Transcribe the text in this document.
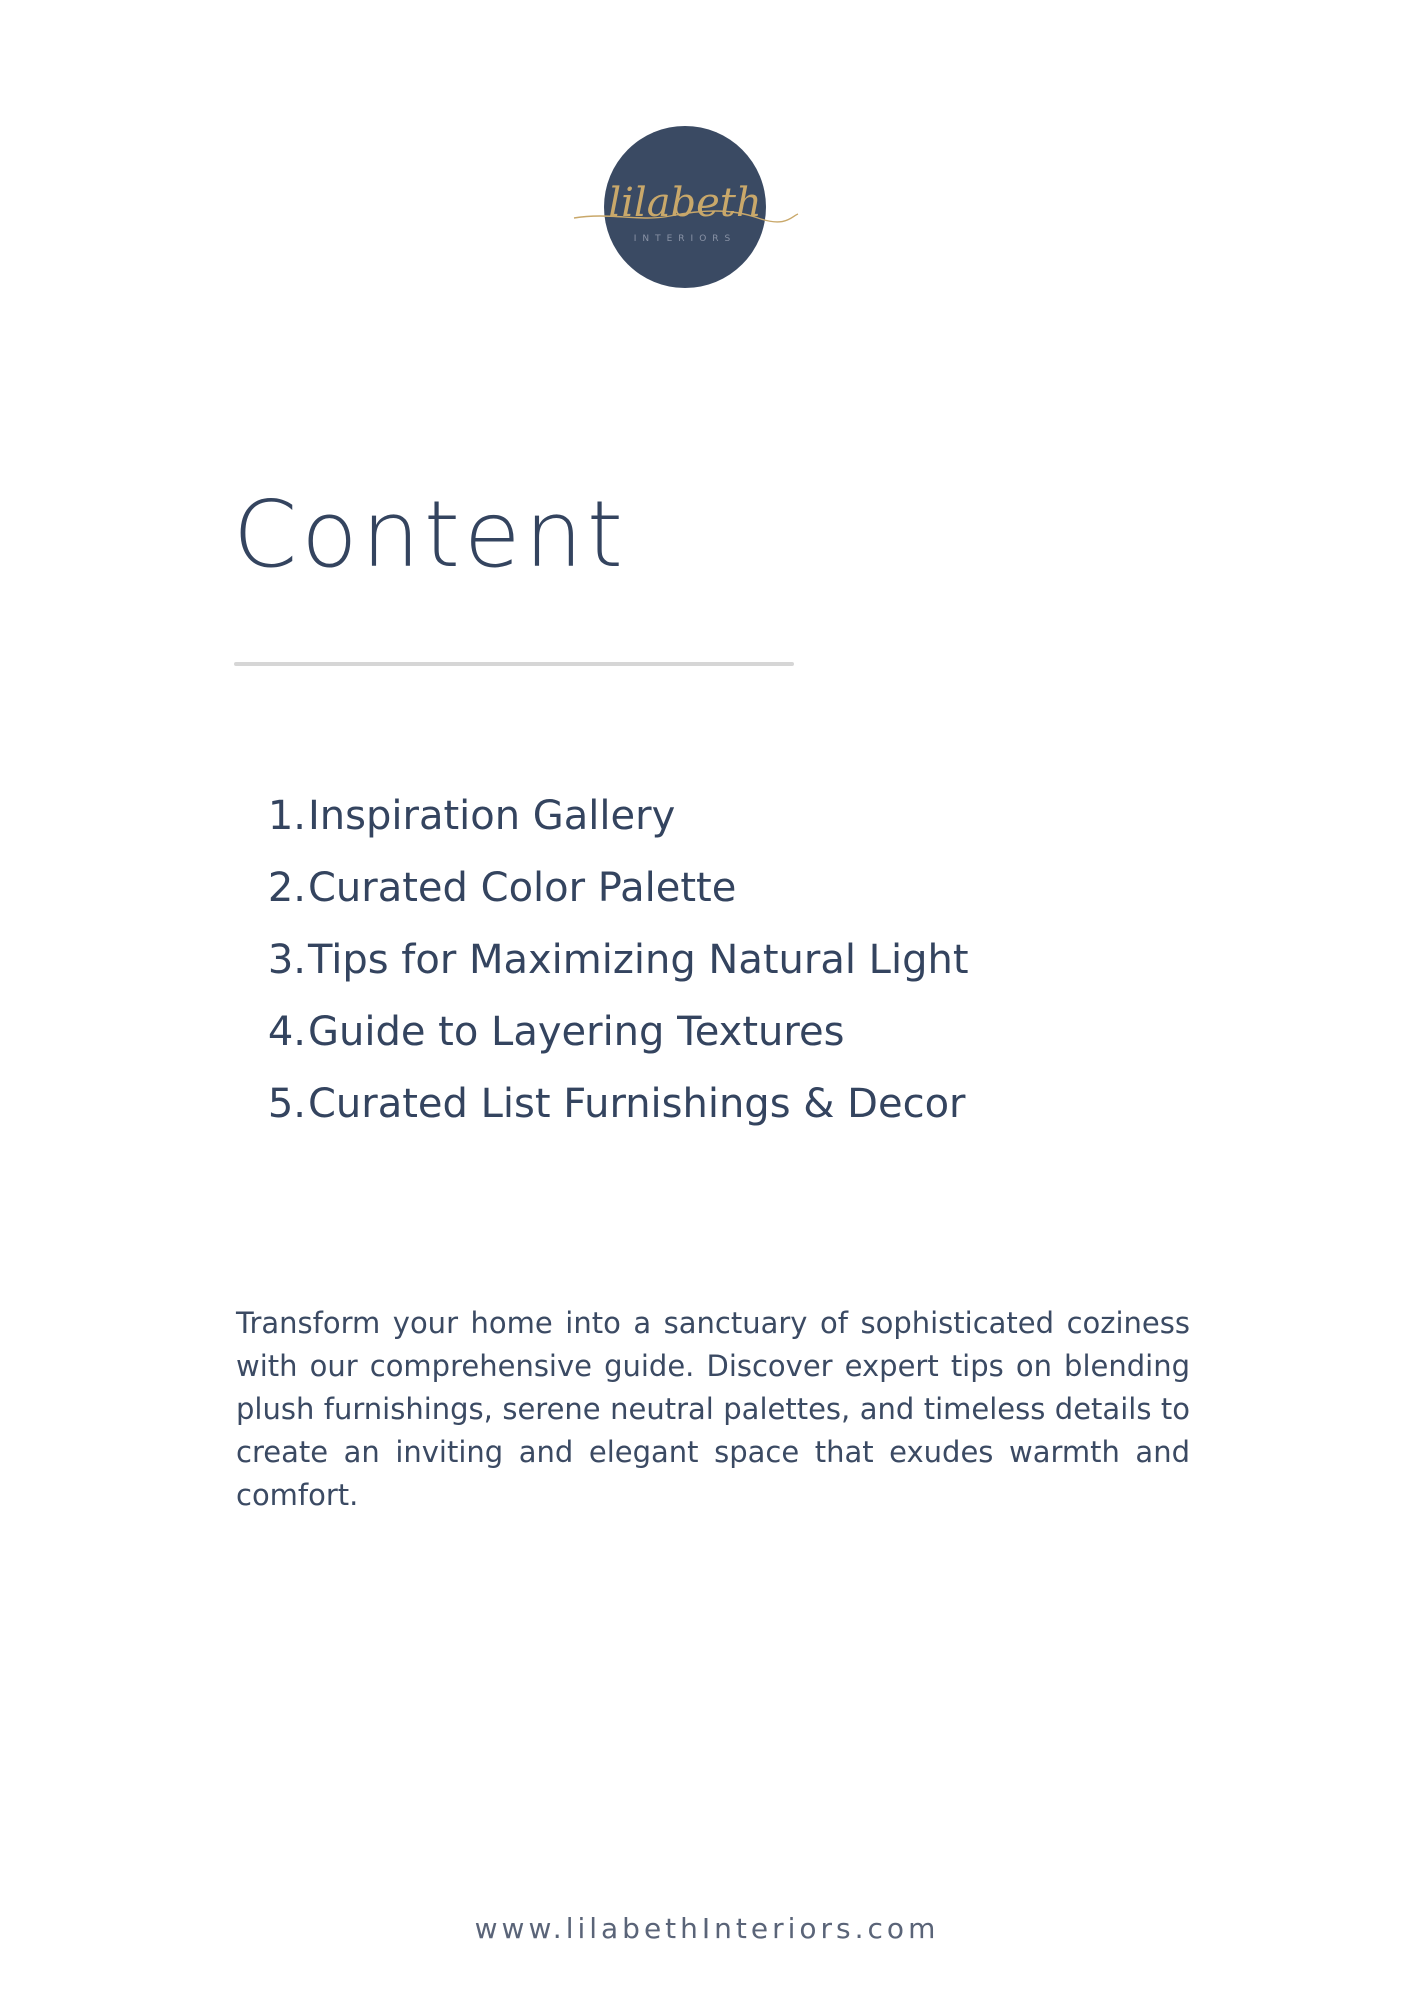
lilabeth
INTERIORS
Content
1.Inspiration Gallery
2.Curated Color Palette
3.Tips for Maximizing Natural Light
4.Guide to Layering Textures
5.Curated List Furnishings & Decor

Transform your home into a sanctuary of sophisticated coziness with our comprehensive guide. Discover expert tips on blending plush furnishings, serene neutral palettes, and timeless details to create an inviting and elegant space that exudes warmth and comfort.

www.lilabethInteriors.com
